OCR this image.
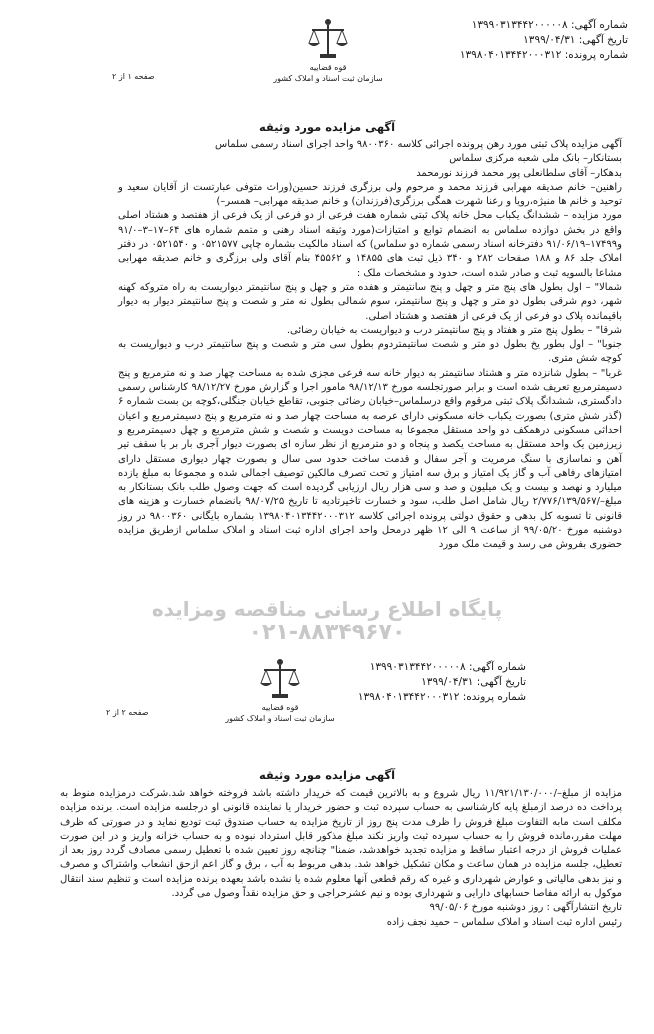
شماره آگهی: ۱۳۹۹۰۳۱۳۴۴۲۰۰۰۰۰۸
تاریخ آگهی: ۱۳۹۹/۰۴/۳۱
شماره پرونده: ۱۳۹۸۰۴۰۱۳۴۴۲۰۰۰۳۱۲
قوه قضاییه
سازمان ثبت اسناد و املاک کشور
صفحه ۱ از ۲
آگهی مزایده مورد وثیقه

آگهی مزایده پلاک ثبتی مورد رهن پرونده اجرائی کلاسه ۹۸۰۰۳۶۰ واحد اجرای اسناد رسمی سلماس

بستانکار– بانک ملی شعبه مرکزی سلماس

بدهکار– آقای سلطانعلی پور محمد فرزند نورمحمد

راهنین– خانم صدیقه مهرابی فرزند محمد و مرحوم ولی برزگری فرزند حسین(وراث متوفی عبارتست از آقایان سعید و توحید و خانم ها منیژه،رویا و رعنا شهرت همگی برزگری(فرزندان) و خانم صدیقه مهرابی– همسر–)

مورد مزایده – ششدانگ یکباب محل خانه پلاک ثبتی شماره هفت فرعی از دو فرعی از یک فرعی از هفتصد و هشتاد اصلی واقع در بخش دوازده سلماس به انضمام توابع و امتیازات(مورد وثیقه اسناد رهنی و متمم شماره های ۶۴–۱۷–۳–۹۱/۰ و۱۷۴۹۹–۹۱/۰۶/۱۹ دفترخانه اسناد رسمی شماره دو سلماس) که اسناد مالکیت بشماره چاپی ۰۵۲۱۵۷۷ و ۰۵۲۱۵۴۰ در دفتر املاک جلد ۸۶ و ۱۸۸ صفحات ۲۸۲ و ۳۴۰ ذیل ثبت های ۱۴۸۵۵ و ۴۵۵۶۲ بنام آقای ولی برزگری و خانم صدیقه مهرابی مشاعا بالسویه ثبت و صادر شده است، حدود و مشخصات ملک :

شمالا" – اول بطول های پنج متر و چهل و پنج سانتیمتر و هفده متر و چهل و پنج سانتیمتر دیواریست به راه متروکه کهنه شهر، دوم شرقی بطول دو متر و چهل و پنج سانتیمتر، سوم شمالی بطول نه متر و شصت و پنج سانتیمتر دیوار به دیوار باقیمانده پلاک دو فرعی از یک فرعی از هفتصد و هشتاد اصلی.

شرقا" – بطول پنج متر و هفتاد و پنج سانتیمتر درب و دیواریست به خیابان رضائی.

جنوبا" – اول بطور یخ بطول دو متر و شصت سانتیمتردوم بطول سی متر و شصت و پنج سانتیمتر درب و دیواریست به کوچه شش متری.

غربا" – بطول شانزده متر و هشتاد سانتیمتر به دیوار خانه سه فرعی مجزی شده به مساحت چهار صد و نه مترمربع و پنج دسیمترمربع تعریف شده است و برابر صورتجلسه مورخ ۹۸/۱۲/۱۳ مامور اجرا و گزارش مورخ ۹۸/۱۲/۲۷ کارشناس رسمی دادگستری، ششدانگ پلاک ثبتی مرقوم واقع درسلماس–خیابان رضائی جنوبی، تقاطع خیابان جنگلی،کوچه بن بست شماره ۶ (گذر شش متری) بصورت یکباب خانه مسکونی دارای عرصه به مساحت چهار صد و نه مترمربع و پنج دسیمترمربع و اعیان احداثی مسکونی درهمکف دو واحد مستقل مجموعا به مساحت دویست و شصت و شش مترمربع و چهل دسیمترمربع و زیرزمین یک واحد مستقل به مساحت یکصد و پنجاه و دو مترمربع از نظر سازه ای بصورت دیوار آجری بار بر با سقف تیر آهن و نماسازی با سنگ مرمریت و آجر سفال و قدمت ساخت حدود سی سال و بصورت چهار دیواری مستقل دارای امتیازهای رفاهی آب و گاز یک امتیاز و برق سه امتیاز و تحت تصرف مالکین توصیف اجمالی شده و مجموعا به مبلغ یازده میلیارد و نهصد و بیست و یک میلیون و صد و سی هزار ریال ارزیابی گردیده است که جهت وصول طلب بانک بستانکار به مبلغ–/۲/۷۷۶/۱۳۹/۵۶۷ ریال شامل اصل طلب، سود و خسارت تاخیرتادیه تا تاریخ ۹۸/۰۷/۲۵ بانضمام خسارت و هزینه های قانونی تا تسویه کل بدهی و حقوق دولتی پرونده اجرائی کلاسه ۱۳۹۸۰۴۰۱۳۴۴۲۰۰۰۳۱۲ بشماره بایگانی ۹۸۰۰۳۶۰ در روز دوشنبه مورخ ۹۹/۰۵/۲۰ از ساعت ۹ الی ۱۲ ظهر درمحل واحد اجرای اداره ثبت اسناد و املاک سلماس ازطریق مزایده حضوری بفروش می رسد و قیمت ملک مورد

پایگاه اطلاع رسانی مناقصه ومزایده
۰۲۱-۸۸۳۴۹۶۷۰
شماره آگهی: ۱۳۹۹۰۳۱۳۴۴۲۰۰۰۰۰۸
تاریخ آگهی: ۱۳۹۹/۰۴/۳۱
شماره پرونده: ۱۳۹۸۰۴۰۱۳۴۴۲۰۰۰۳۱۲
قوه قضاییه
سازمان ثبت اسناد و املاک کشور
صفحه ۲ از ۲
آگهی مزایده مورد وثیقه

مزایده از مبلغ–/۱۱/۹۲۱/۱۳۰/۰۰۰ ریال شروع و به بالاترین قیمت که خریدار داشته باشد فروخته خواهد شد.شرکت درمزایده منوط به پرداخت ده درصد ازمبلغ پایه کارشناسی به حساب سپرده ثبت و حضور خریدار یا نماینده قانونی او درجلسه مزایده است. برنده مزایده مکلف است مابه التفاوت مبلغ فروش را ظرف مدت پنج روز از تاریخ مزایده به حساب صندوق ثبت تودیع نماید و در صورتی که ظرف مهلت مقرر،مانده فروش را به حساب سپرده ثبت واریز نکند مبلغ مذکور قابل استرداد نبوده و به حساب خزانه واریز و در این صورت عملیات فروش از درجه اعتبار ساقط و مزایده تجدید خواهدشد، ضمنا" چنانچه روز تعیین شده با تعطیل رسمی مصادف گردد روز بعد از تعطیل، جلسه مزایده در همان ساعت و مکان تشکیل خواهد شد. بدهی مربوط به آب ، برق و گاز اعم ازحق انشعاب واشتراک و مصرف و نیز بدهی مالیاتی و عوارض شهرداری و غیره که رقم قطعی آنها معلوم شده یا نشده باشد بعهده برنده مزایده است و تنظیم سند انتقال موکول به ارائه مفاصا حسابهای دارایی و شهرداری بوده و نیم عشرحراجی و حق مزایده نقداً وصول می گردد.

تاریخ انتشارآگهی : روز دوشنبه مورخ ۹۹/۰۵/۰۶

رئیس اداره ثبت اسناد و املاک سلماس – حمید نجف زاده
